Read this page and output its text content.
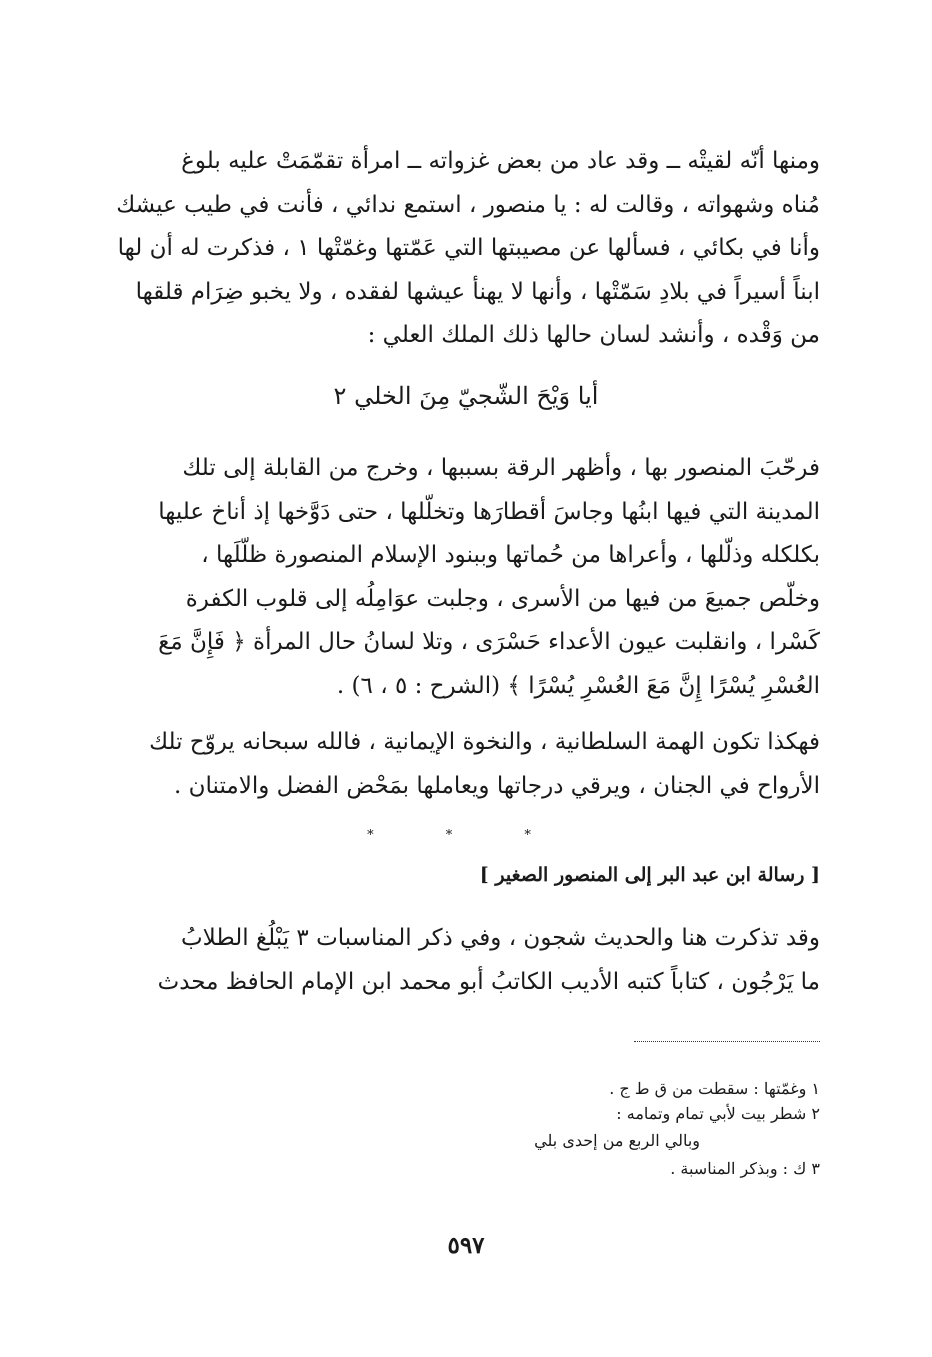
ومنها أنّه لقيتْه ــ وقد عاد من بعض غزواته ــ امرأة تقمّمَتْ عليه بلوغ
مُناه وشهواته ، وقالت له : يا منصور ، استمع ندائي ، فأنت في طيب عيشك
وأنا في بكائي ، فسألها عن مصيبتها التي عَمّتها وغمّتْها ١ ، فذكرت له أن لها
ابناً أسيراً في بلادِ سَمّتْها ، وأنها لا يهنأ عيشها لفقده ، ولا يخبو ضِرَام قلقها
من وَقْده ، وأنشد لسان حالها ذلك الملك العلي :
أيا وَيْحَ الشّجيّ مِنَ الخلي ٢
فرحّبَ المنصور بها ، وأظهر الرقة بسببها ، وخرج من القابلة إلى تلك
المدينة التي فيها ابنُها وجاسَ أقطارَها وتخلّلها ، حتى دَوَّخها إذ أناخ عليها
بكلكله وذلّلها ، وأعراها من حُماتها وببنود الإسلام المنصورة ظلّلَها ،
وخلّص جميعَ من فيها من الأسرى ، وجلبت عوَامِلُه إلى قلوب الكفرة
كَسْرا ، وانقلبت عيون الأعداء حَسْرَى ، وتلا لسانُ حال المرأة ﴿ فَإِنَّ مَعَ
العُسْرِ يُسْرًا إِنَّ مَعَ العُسْرِ يُسْرًا ﴾ (الشرح : ٥ ، ٦) .
فهكذا تكون الهمة السلطانية ، والنخوة الإيمانية ، فالله سبحانه يروّح تلك
الأرواح في الجنان ، ويرقي درجاتها ويعاملها بمَحْض الفضل والامتنان .
* * *
[ رسالة ابن عبد البر إلى المنصور الصغير ]
وقد تذكرت هنا والحديث شجون ، وفي ذكر المناسبات ٣ يَبْلُغ الطلابُ
ما يَرْجُون ، كتاباً كتبه الأديب الكاتبُ أبو محمد ابن الإمام الحافظ محدث
١ وغمّتها : سقطت من ق ط ج .
٢ شطر بيت لأبي تمام وتمامه :
وبالي الربع من إحدى بلي
٣ ك : وبذكر المناسبة .
٥٩٧
